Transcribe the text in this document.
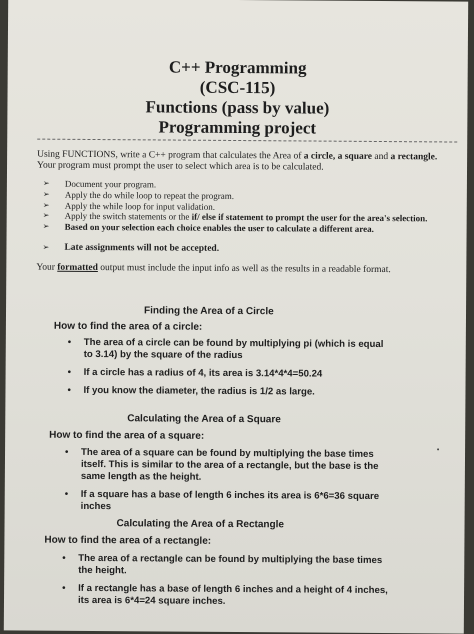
C++ Programming
(CSC-115)
Functions (pass by value)
Programming project
Using FUNCTIONS, write a C++ program that calculates the Area of a circle, a square and a rectangle.
Your program must prompt the user to select which area is to be calculated.
➢	Document your program.
➢	Apply the do while loop to repeat the program.
➢	Apply the while loop for input validation.
➢	Apply the switch statements or the if/ else if statement to prompt the user for the area's selection.
➢	Based on your selection each choice enables the user to calculate a different area.
➢	Late assignments will not be accepted.
Your formatted output must include the input info as well as the results in a readable format.
Finding the Area of a Circle
How to find the area of a circle:
•	The area of a circle can be found by multiplying pi (which is equal to 3.14) by the square of the radius
•	If a circle has a radius of 4, its area is 3.14*4*4=50.24
•	If you know the diameter, the radius is 1/2 as large.
Calculating the Area of a Square
How to find the area of a square:
•	The area of a square can be found by multiplying the base times itself. This is similar to the area of a rectangle, but the base is the same length as the height.
•	If a square has a base of length 6 inches its area is 6*6=36 square inches
Calculating the Area of a Rectangle
How to find the area of a rectangle:
•	The area of a rectangle can be found by multiplying the base times the height.
•	If a rectangle has a base of length 6 inches and a height of 4 inches, its area is 6*4=24 square inches.
